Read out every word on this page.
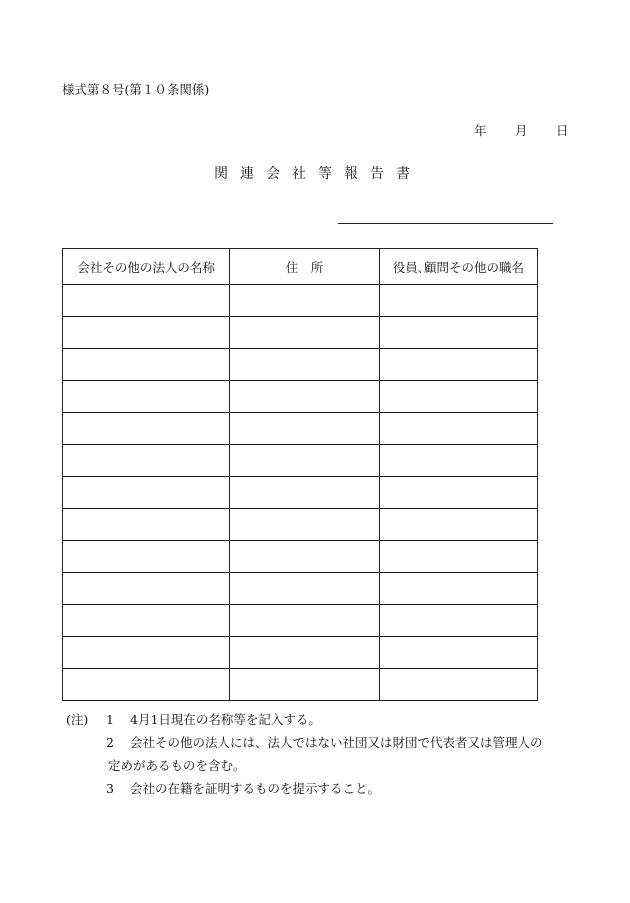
様式第８号(第１０条関係)
年 月 日
関連会社等報告書
会社その他の法人の名称	住　所	役員､顧問その他の職名

(注) 1 4月1日現在の名称等を記入する。
2 会社その他の法人には、法人ではない社団又は財団で代表者又は管理人の
定めがあるものを含む。
3 会社の在籍を証明するものを提示すること。
